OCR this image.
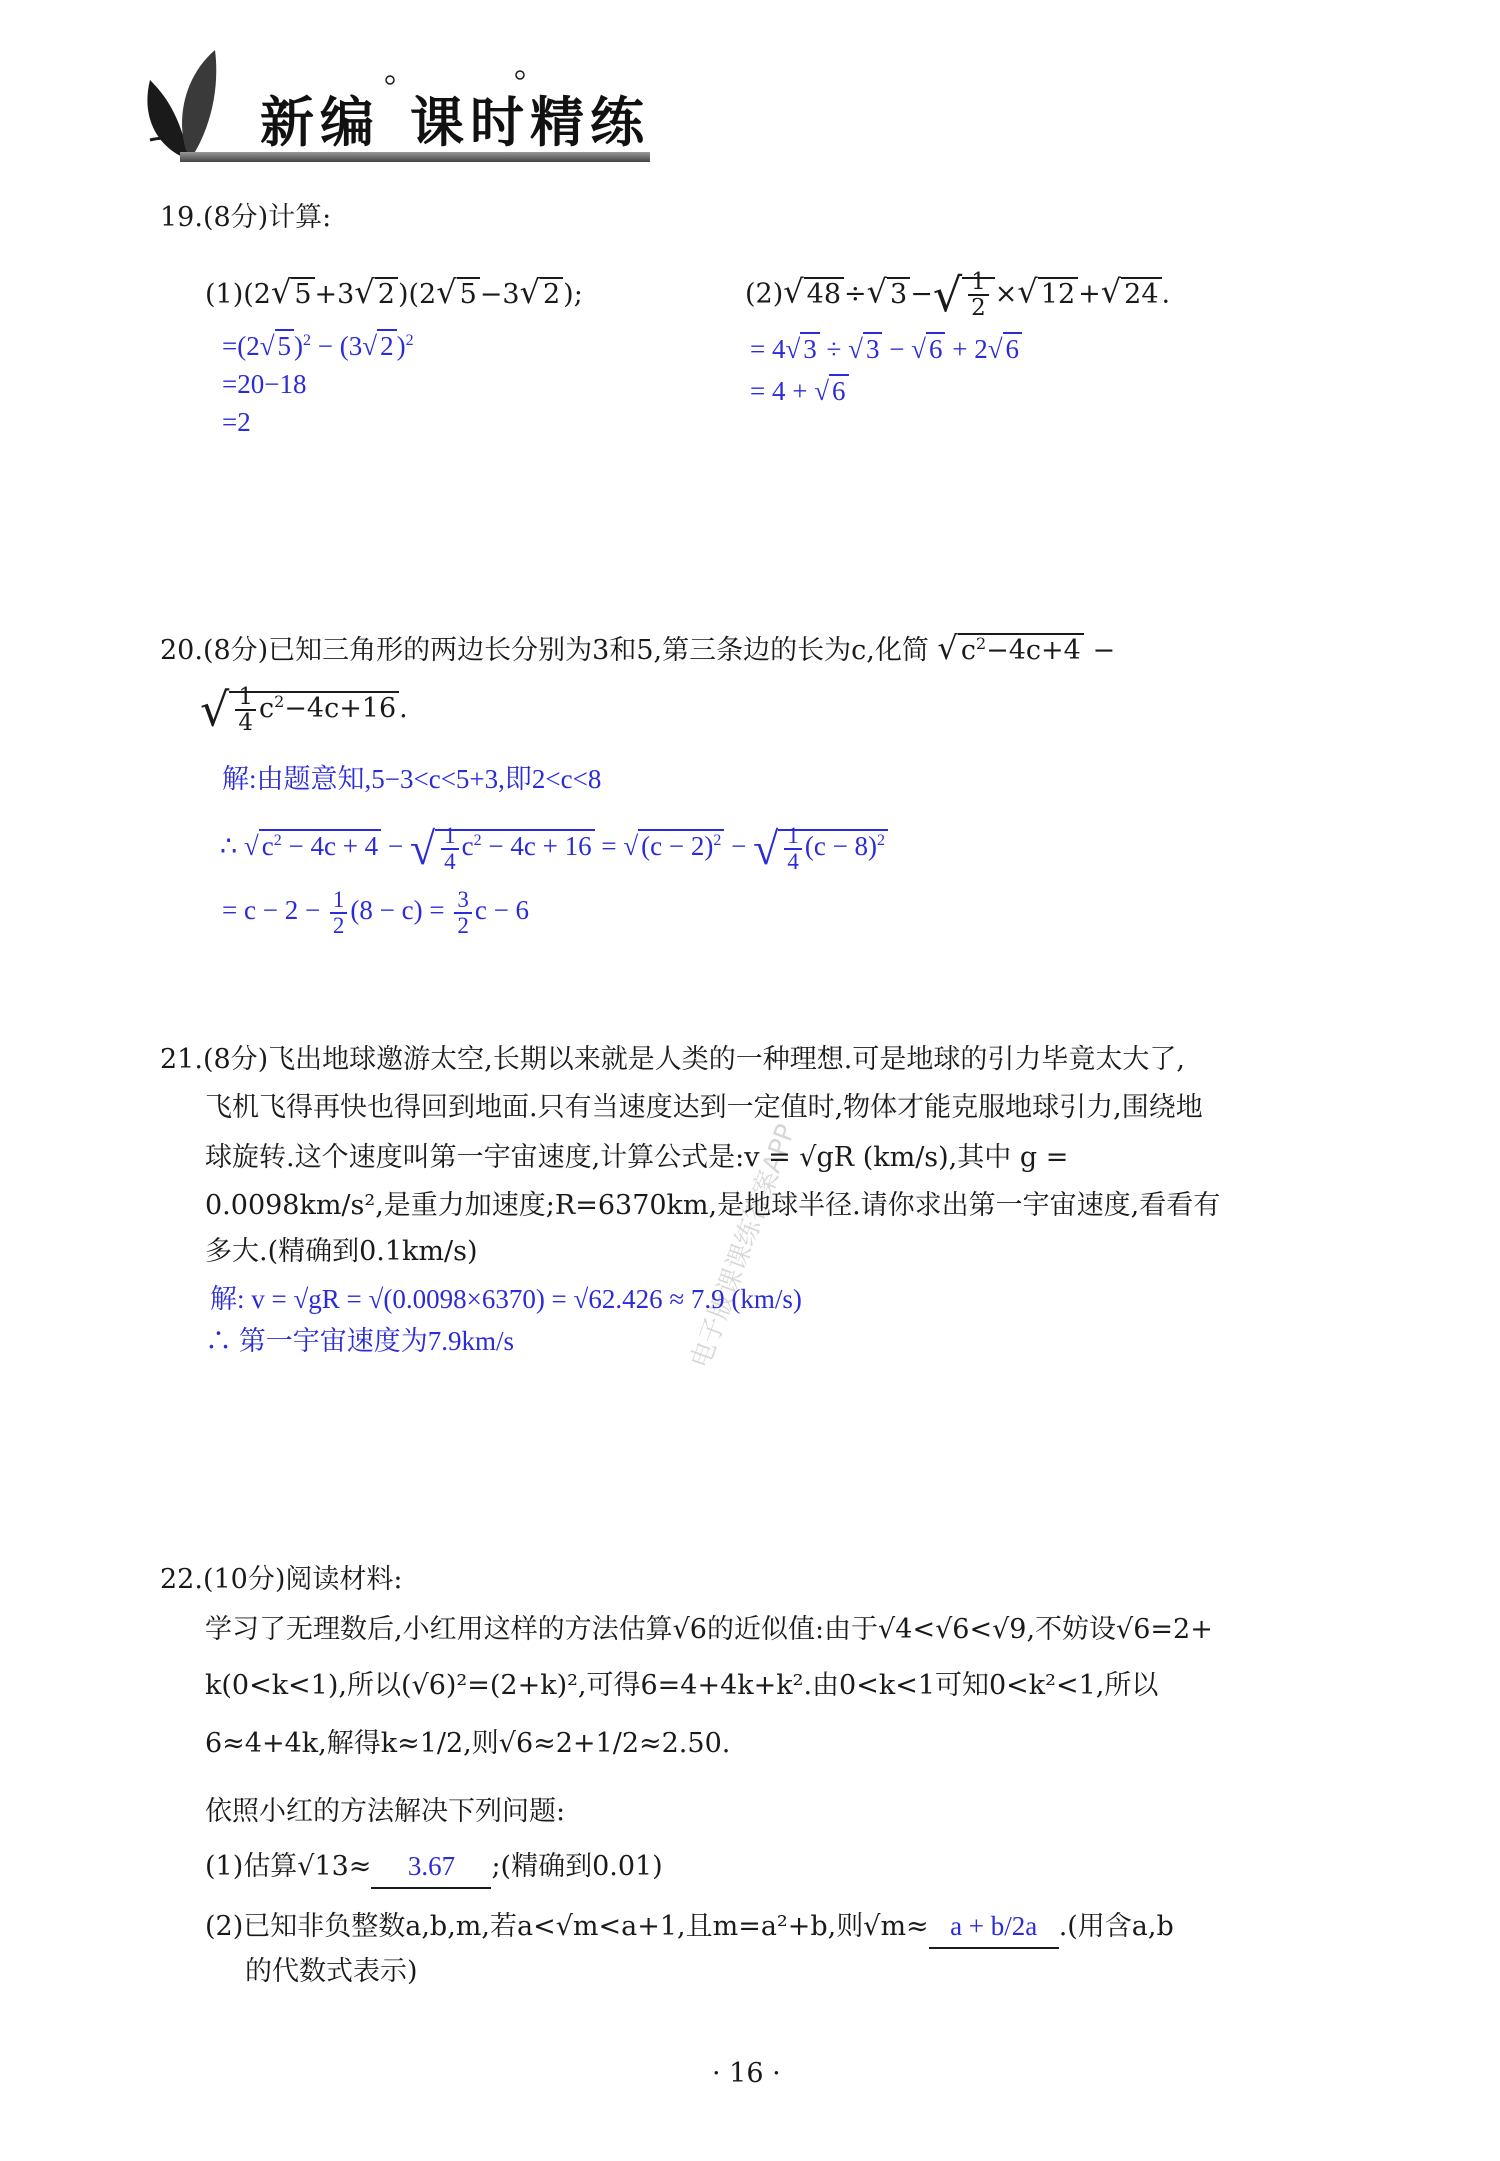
新编 课时精练
电子版课课练答案APP
19.(8分)计算:
(1)(2√ 5 +3√ 2 )(2√ 5 −3√ 2 );	(2)√ 48 ÷√ 3 −√ $\frac{1}{2}$ ×√ 12 +√ 24 .
=(2√ 5 )$^2$ − (3√ 2 )$^2$
=20−18
=2
= 4√ 3 ÷ √ 3 − √ 6 + 2√ 6
= 4 + √ 6
20.(8分)已知三角形的两边长分别为3和5,第三条边的长为c,化简 √ $c^2-4c+4$ −
√ $\frac{1}{4} c^2-4c+16$ .
解:由题意知,5−3<c<5+3,即2<c<8
∴ √ $c^2 - 4c + 4$ − √ $\frac{1}{4} c^2 - 4c + 16$ = √ $(c - 2)^2$ − √ $\frac{1}{4} (c - 8)^2$
= $c - 2 - \frac{1}{2} (8 - c) = \frac{3}{2}$ c − 6
21.(8分)飞出地球邀游太空,长期以来就是人类的一种理想.可是地球的引力毕竟太大了,
飞机飞得再快也得回到地面.只有当速度达到一定值时,物体才能克服地球引力,围绕地
球旋转.这个速度叫第一宇宙速度,计算公式是:v = √gR (km/s),其中 g =
0.0098km/s²,是重力加速度;R=6370km,是地球半径.请你求出第一宇宙速度,看看有
多大.(精确到0.1km/s)
解: v = √gR = √(0.0098×6370) = √62.426 ≈ 7.9 (km/s)
∴ 第一宇宙速度为7.9km/s
22.(10分)阅读材料:
学习了无理数后,小红用这样的方法估算√6的近似值:由于√4<√6<√9,不妨设√6=2+
k(0<k<1),所以(√6)²=(2+k)²,可得6=4+4k+k².由0<k<1可知0<k²<1,所以
6≈4+4k,解得k≈1/2,则√6≈2+1/2≈2.50.
依照小红的方法解决下列问题:
(1)估算√13≈ 3.67 ;(精确到0.01)
(2)已知非负整数a,b,m,若a<√m<a+1,且m=a²+b,则√m≈ a + b/2a .(用含a,b
的代数式表示)
· 16 ·
